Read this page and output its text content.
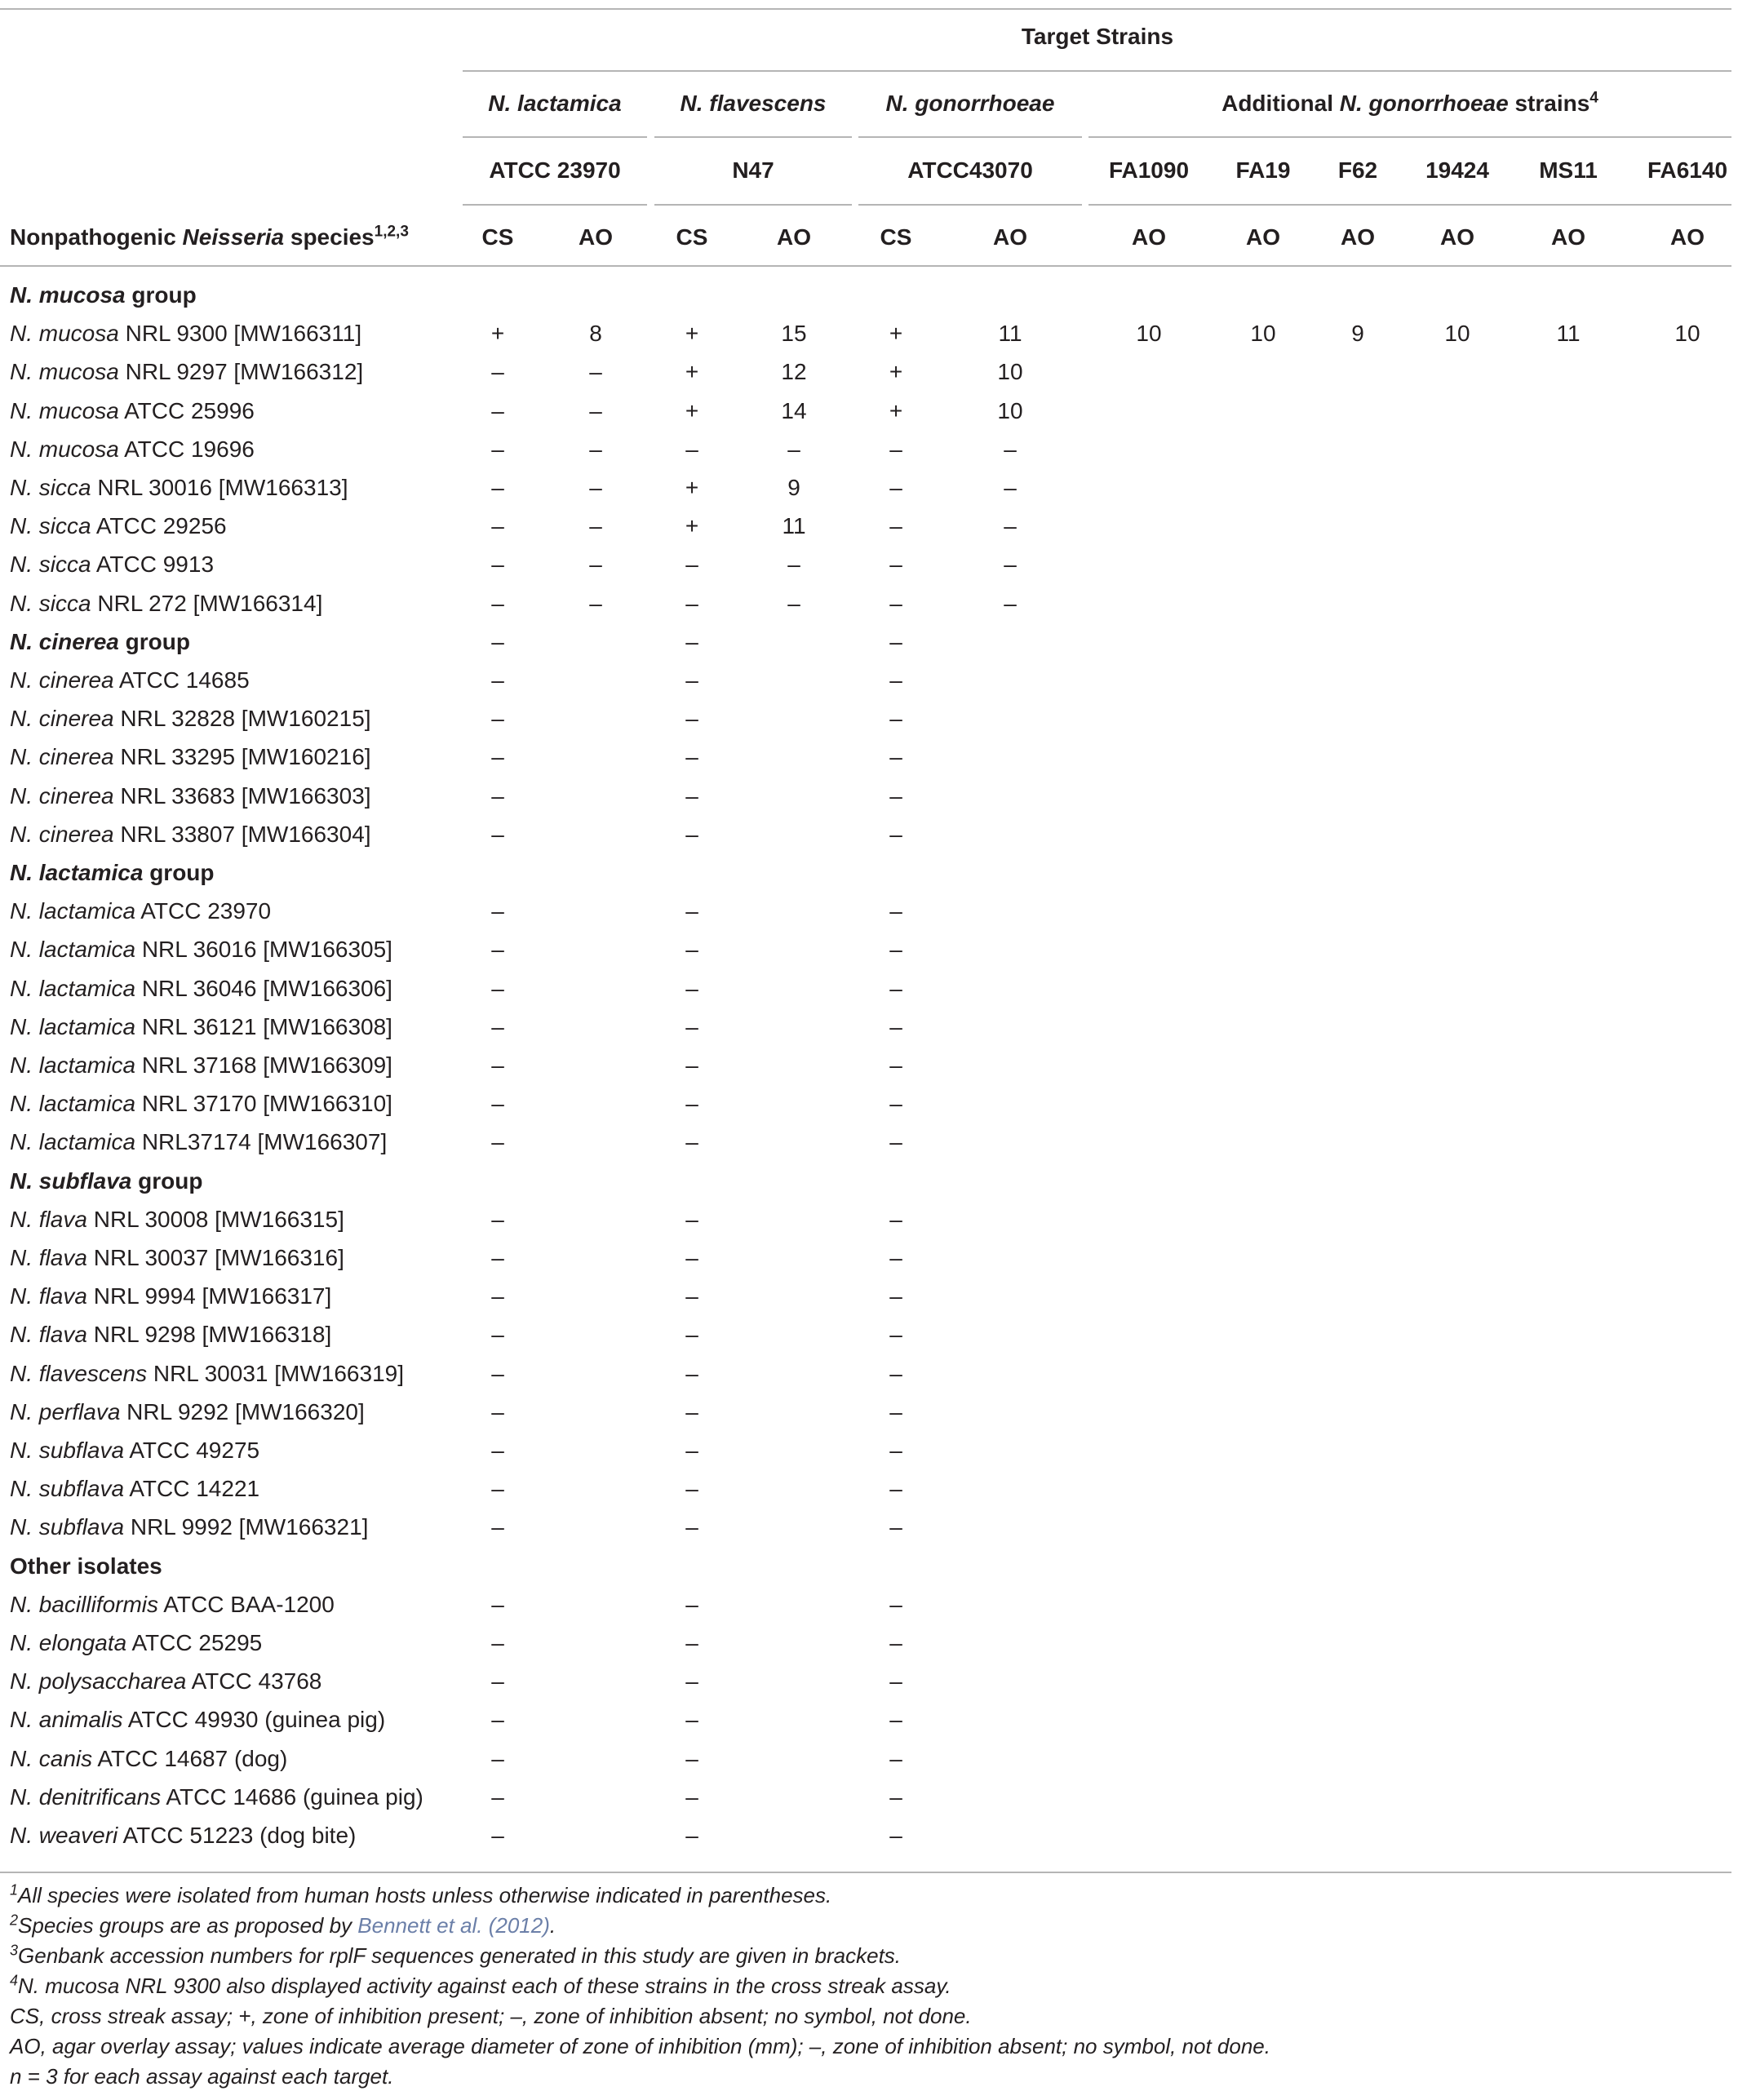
Target Strains
N. lactamica	N. flavescens	N. gonorrhoeae	Additional N. gonorrhoeae strains$^4$
ATCC 23970	N47	ATCC43070	FA1090	FA19	F62	19424	MS11	FA6140
Nonpathogenic Neisseria species$^{1,2,3}$	CS	AO	CS	AO	CS	AO	AO	AO	AO	AO	AO	AO
N. mucosa group
N. mucosa NRL 9300 [MW166311]	+	8	+	15	+	11	10	10	9	10	11	10
N. mucosa NRL 9297 [MW166312]	–	–	+	12	+	10
N. mucosa ATCC 25996	–	–	+	14	+	10
N. mucosa ATCC 19696	–	–	–	–	–	–
N. sicca NRL 30016 [MW166313]	–	–	+	9	–	–
N. sicca ATCC 29256	–	–	+	11	–	–
N. sicca ATCC 9913	–	–	–	–	–	–
N. sicca NRL 272 [MW166314]	–	–	–	–	–	–
N. cinerea group	–	–	–
N. cinerea ATCC 14685	–	–	–
N. cinerea NRL 32828 [MW160215]	–	–	–
N. cinerea NRL 33295 [MW160216]	–	–	–
N. cinerea NRL 33683 [MW166303]	–	–	–
N. cinerea NRL 33807 [MW166304]	–	–	–
N. lactamica group
N. lactamica ATCC 23970	–	–	–
N. lactamica NRL 36016 [MW166305]	–	–	–
N. lactamica NRL 36046 [MW166306]	–	–	–
N. lactamica NRL 36121 [MW166308]	–	–	–
N. lactamica NRL 37168 [MW166309]	–	–	–
N. lactamica NRL 37170 [MW166310]	–	–	–
N. lactamica NRL37174 [MW166307]	–	–	–
N. subflava group
N. flava NRL 30008 [MW166315]	–	–	–
N. flava NRL 30037 [MW166316]	–	–	–
N. flava NRL 9994 [MW166317]	–	–	–
N. flava NRL 9298 [MW166318]	–	–	–
N. flavescens NRL 30031 [MW166319]	–	–	–
N. perflava NRL 9292 [MW166320]	–	–	–
N. subflava ATCC 49275	–	–	–
N. subflava ATCC 14221	–	–	–
N. subflava NRL 9992 [MW166321]	–	–	–
Other isolates
N. bacilliformis ATCC BAA-1200	–	–	–
N. elongata ATCC 25295	–	–	–
N. polysaccharea ATCC 43768	–	–	–
N. animalis ATCC 49930 (guinea pig)	–	–	–
N. canis ATCC 14687 (dog)	–	–	–
N. denitrificans ATCC 14686 (guinea pig)	–	–	–
N. weaveri ATCC 51223 (dog bite)	–	–	–
$^1$All species were isolated from human hosts unless otherwise indicated in parentheses.
$^2$Species groups are as proposed by Bennett et al. (2012).
$^3$Genbank accession numbers for rplF sequences generated in this study are given in brackets.
$^4$N. mucosa NRL 9300 also displayed activity against each of these strains in the cross streak assay.
CS, cross streak assay; +, zone of inhibition present; –, zone of inhibition absent; no symbol, not done.
AO, agar overlay assay; values indicate average diameter of zone of inhibition (mm); –, zone of inhibition absent; no symbol, not done.
n = 3 for each assay against each target.
